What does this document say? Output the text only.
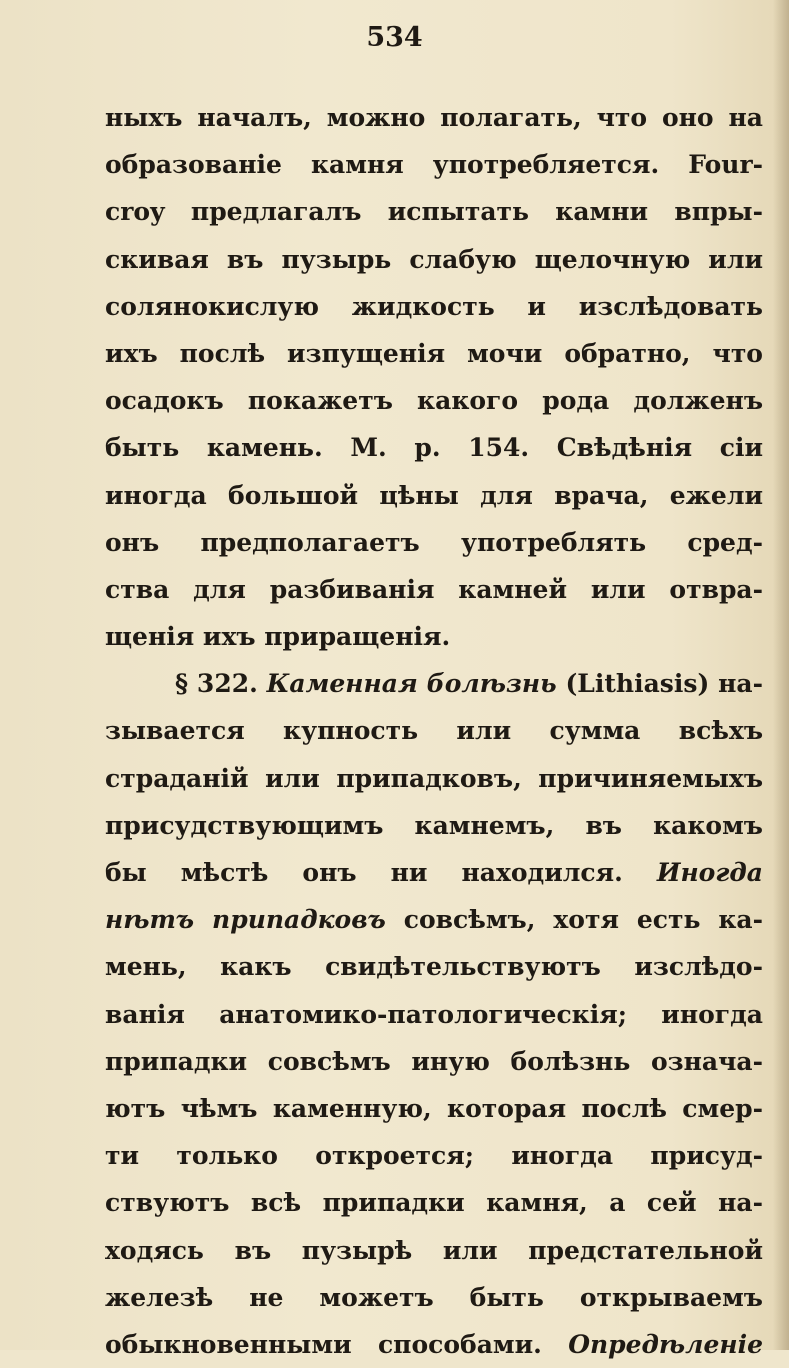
534
ныхъ началъ, можно полагать, что оно на
образованіе камня употребляется. Four-
croy предлагалъ испытать камни впры-
скивая въ пузырь слабую щелочную или
солянокислую жидкость и изслѣдовать
ихъ послѣ изпущенія мочи обратно, что
осадокъ покажетъ какого рода долженъ
быть камень. М. р. 154. Свѣдѣнія сіи
иногда большой цѣны для врача, ежели
онъ предполагаетъ употреблять сред-
ства для разбиванія камней или отвра-
щенія ихъ приращенія.
§ 322. Каменная болѣзнь (Lithiasis) на-
зывается купность или сумма всѣхъ
страданій или припадковъ, причиняемыхъ
присудствующимъ камнемъ, въ какомъ
бы мѣстѣ онъ ни находился. Иногда
нѣтъ припадковъ совсѣмъ, хотя есть ка-
мень, какъ свидѣтельствуютъ изслѣдо-
ванія анатомико-патологическія; иногда
припадки совсѣмъ иную болѣзнь означа-
ютъ чѣмъ каменную, которая послѣ смер-
ти только откроется; иногда присуд-
ствуютъ всѣ припадки камня, а сей на-
ходясь въ пузырѣ или предстательной
железѣ не можетъ быть открываемъ
обыкновенными способами. Опредѣленіе
